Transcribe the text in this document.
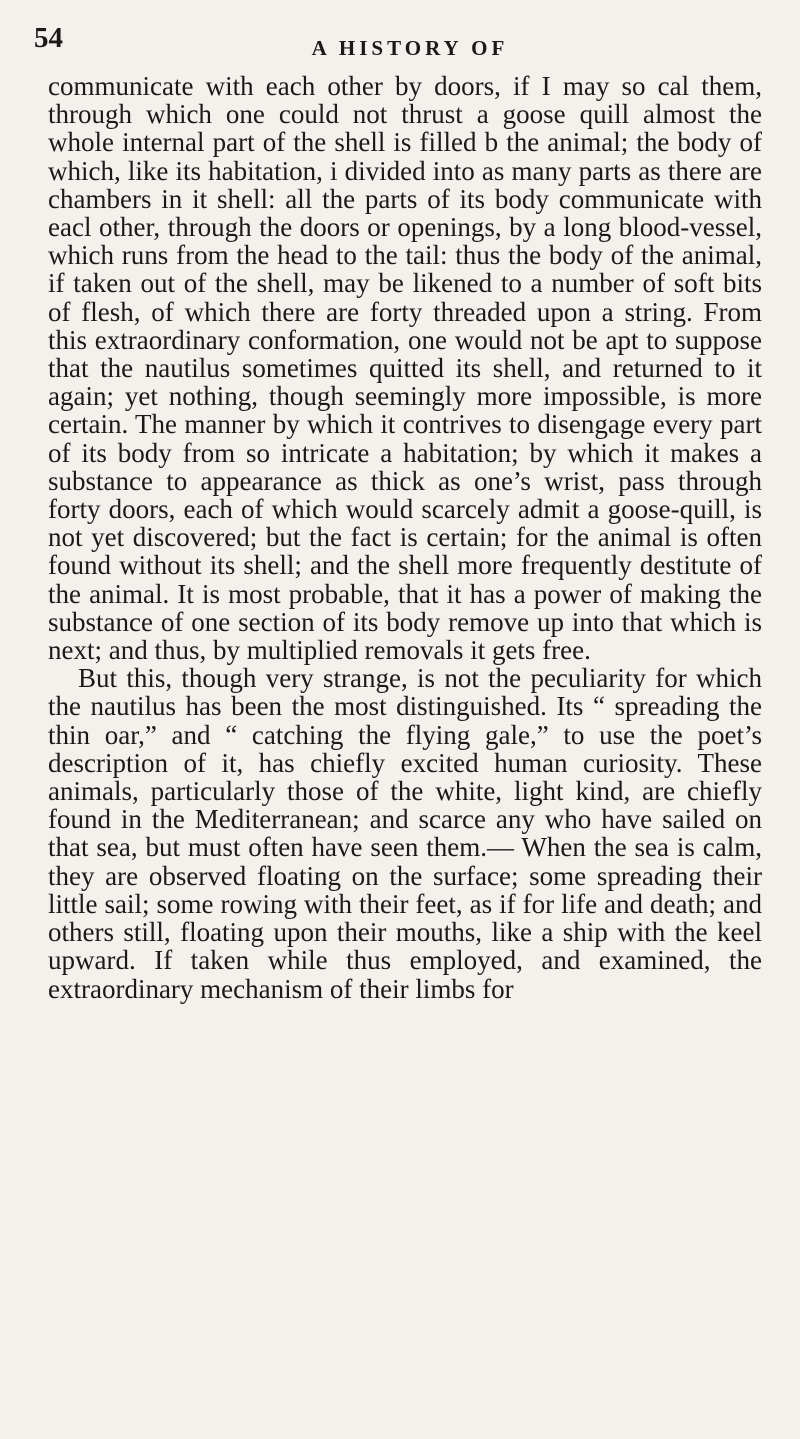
54	A HISTORY OF

communicate with each other by doors, if I may so cal them, through which one could not thrust a goose quill almost the whole internal part of the shell is filled b the animal; the body of which, like its habitation, i divided into as many parts as there are chambers in it shell: all the parts of its body communicate with eacl other, through the doors or openings, by a long blood-vessel, which runs from the head to the tail: thus the body of the animal, if taken out of the shell, may be likened to a number of soft bits of flesh, of which there are forty threaded upon a string. From this extraordinary conformation, one would not be apt to suppose that the nautilus sometimes quitted its shell, and returned to it again; yet nothing, though seemingly more impossible, is more certain. The manner by which it contrives to disengage every part of its body from so intricate a habitation; by which it makes a substance to appearance as thick as one’s wrist, pass through forty doors, each of which would scarcely admit a goose-quill, is not yet discovered; but the fact is certain; for the animal is often found without its shell; and the shell more frequently destitute of the animal. It is most probable, that it has a power of making the substance of one section of its body remove up into that which is next; and thus, by multiplied removals it gets free.

But this, though very strange, is not the peculiarity for which the nautilus has been the most distinguished. Its “ spreading the thin oar,” and “ catching the flying gale,” to use the poet’s description of it, has chiefly excited human curiosity. These animals, particularly those of the white, light kind, are chiefly found in the Mediterranean; and scarce any who have sailed on that sea, but must often have seen them.— When the sea is calm, they are observed floating on the surface; some spreading their little sail; some rowing with their feet, as if for life and death; and others still, floating upon their mouths, like a ship with the keel upward. If taken while thus employed, and examined, the extraordinary mechanism of their limbs for
